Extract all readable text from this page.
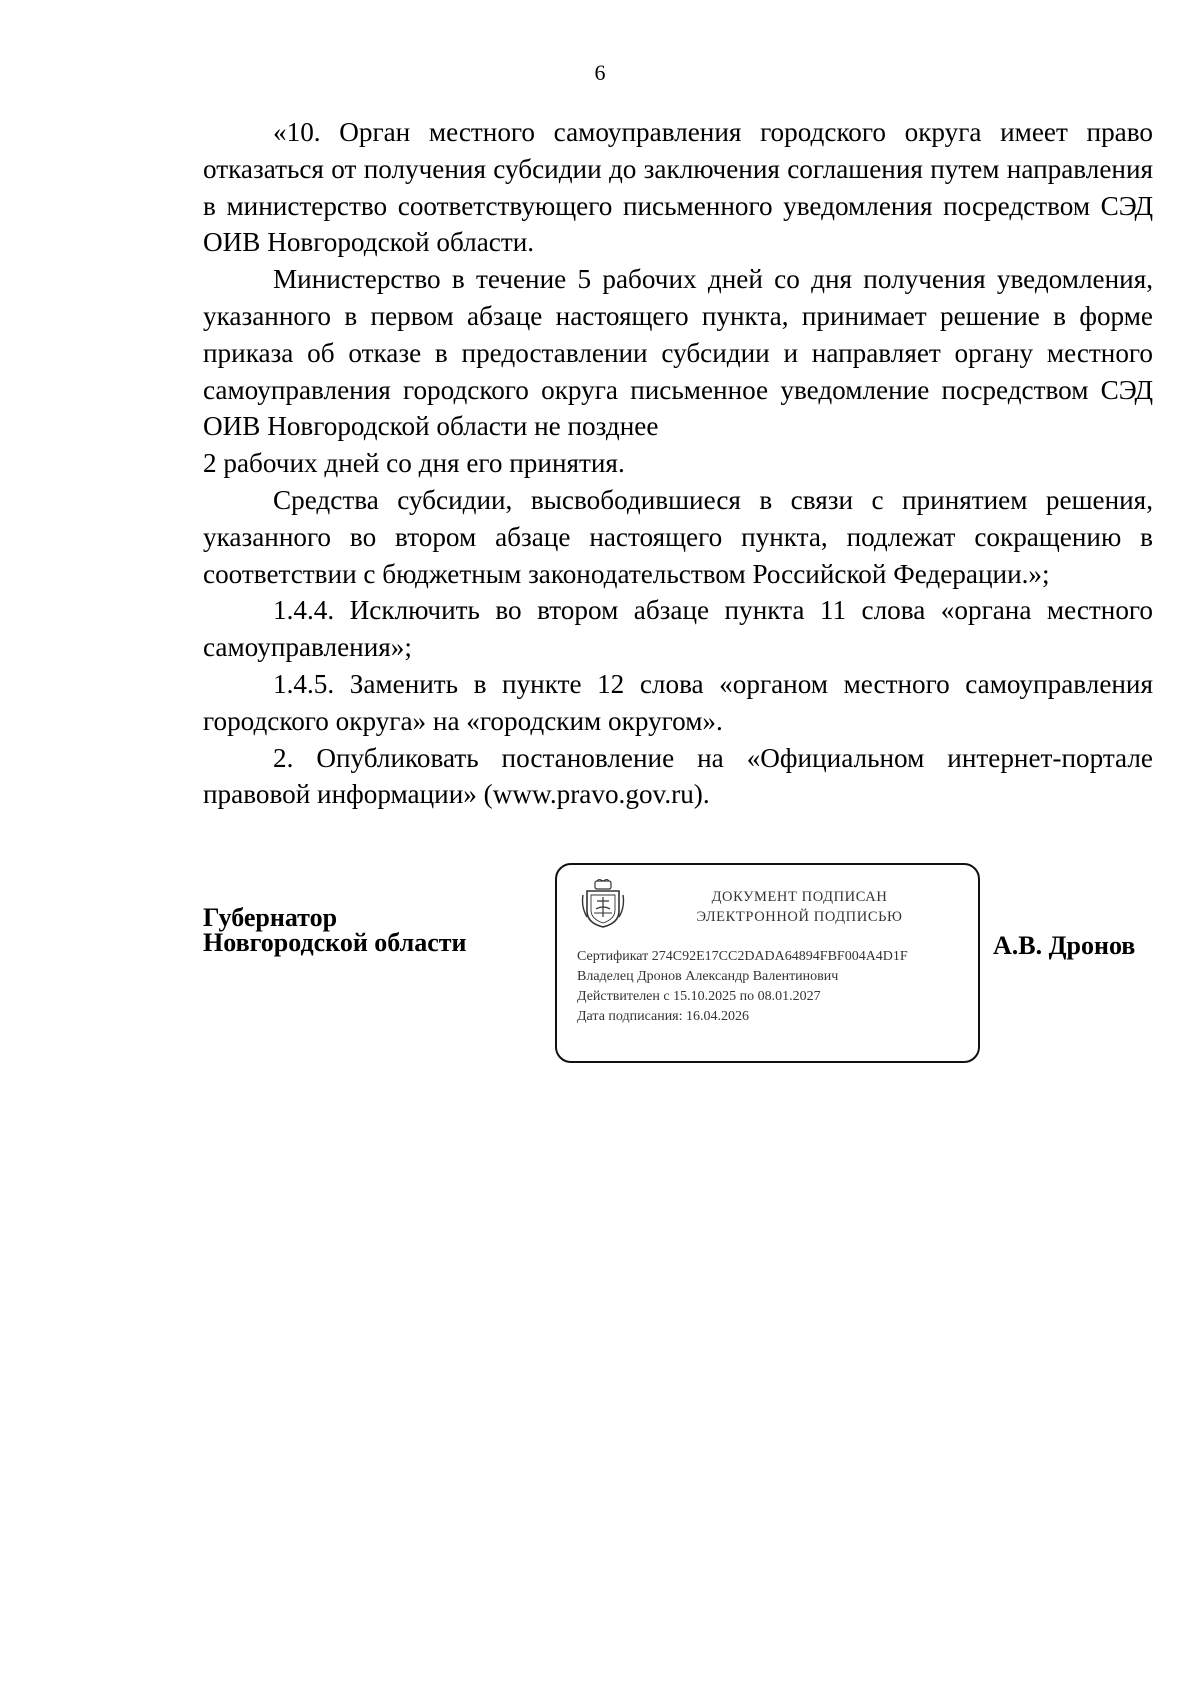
6

«10. Орган местного самоуправления городского округа имеет право отказаться от получения субсидии до заключения соглашения путем направления в министерство соответствующего письменного уведомления посредством СЭД ОИВ Новгородской области.

Министерство в течение 5 рабочих дней со дня получения уведомления, указанного в первом абзаце настоящего пункта, принимает решение в форме приказа об отказе в предоставлении субсидии и направляет органу местного самоуправления городского округа письменное уведомление посредством СЭД ОИВ Новгородской области не позднее
2 рабочих дней со дня его принятия.

Средства субсидии, высвободившиеся в связи с принятием решения, указанного во втором абзаце настоящего пункта, подлежат сокращению в соответствии с бюджетным законодательством Российской Федерации.»;

1.4.4. Исключить во втором абзаце пункта 11 слова «органа местного самоуправления»;

1.4.5. Заменить в пункте 12 слова «органом местного самоуправления городского округа» на «городским округом».

2. Опубликовать постановление на «Официальном интернет-портале правовой информации» (www.pravo.gov.ru).

Губернатор
Новгородской области
ДОКУМЕНТ ПОДПИСАН
ЭЛЕКТРОННОЙ ПОДПИСЬЮ
Сертификат 274C92E17CC2DADA64894FBF004A4D1F
Владелец Дронов Александр Валентинович
Действителен с 15.10.2025 по 08.01.2027
Дата подписания: 16.04.2026
А.В. Дронов
